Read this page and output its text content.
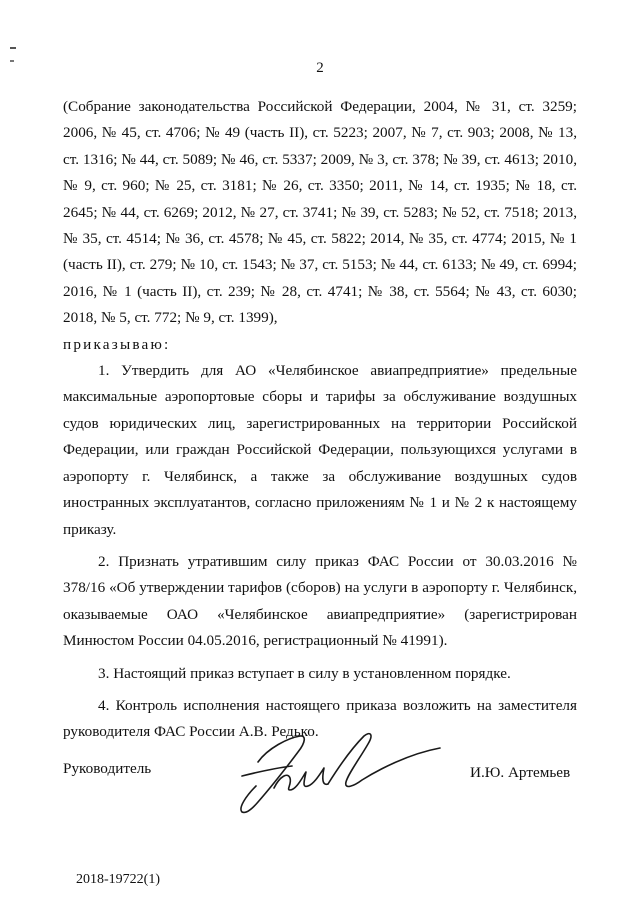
2

(Собрание законодательства Российской Федерации, 2004, № 31, ст. 3259; 2006, № 45, ст. 4706; № 49 (часть II), ст. 5223; 2007, № 7, ст. 903; 2008, № 13, ст. 1316; № 44, ст. 5089; № 46, ст. 5337; 2009, № 3, ст. 378; № 39, ст. 4613; 2010, № 9, ст. 960; № 25, ст. 3181; № 26, ст. 3350; 2011, № 14, ст. 1935; № 18, ст. 2645; № 44, ст. 6269; 2012, № 27, ст. 3741; № 39, ст. 5283; № 52, ст. 7518; 2013, № 35, ст. 4514; № 36, ст. 4578; № 45, ст. 5822; 2014, № 35, ст. 4774; 2015, № 1 (часть II), ст. 279; № 10, ст. 1543; № 37, ст. 5153; № 44, ст. 6133; № 49, ст. 6994; 2016, № 1 (часть II), ст. 239; № 28, ст. 4741; № 38, ст. 5564; № 43, ст. 6030; 2018, № 5, ст. 772; № 9, ст. 1399),

приказываю:

1. Утвердить для АО «Челябинское авиапредприятие» предельные максимальные аэропортовые сборы и тарифы за обслуживание воздушных судов юридических лиц, зарегистрированных на территории Российской Федерации, или граждан Российской Федерации, пользующихся услугами в аэропорту г. Челябинск, а также за обслуживание воздушных судов иностранных эксплуатантов, согласно приложениям № 1 и № 2 к настоящему приказу.

2. Признать утратившим силу приказ ФАС России от 30.03.2016 № 378/16 «Об утверждении тарифов (сборов) на услуги в аэропорту г. Челябинск, оказываемые ОАО «Челябинское авиапредприятие» (зарегистрирован Минюстом России 04.05.2016, регистрационный № 41991).

3. Настоящий приказ вступает в силу в установленном порядке.

4. Контроль исполнения настоящего приказа возложить на заместителя руководителя ФАС России А.В. Редько.

Руководитель	И.Ю. Артемьев
2018-19722(1)
